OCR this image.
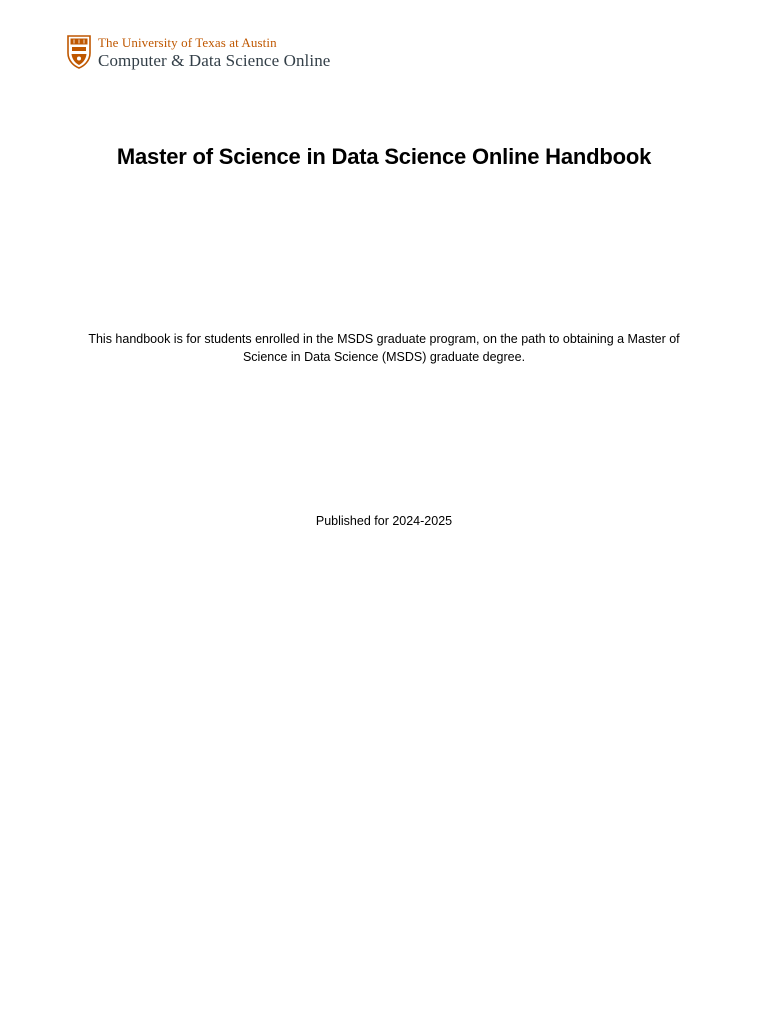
The University of Texas at Austin
Computer & Data Science Online
Master of Science in Data Science Online Handbook

This handbook is for students enrolled in the MSDS graduate program, on the path to obtaining a Master of Science in Data Science (MSDS) graduate degree.

Published for 2024-2025
